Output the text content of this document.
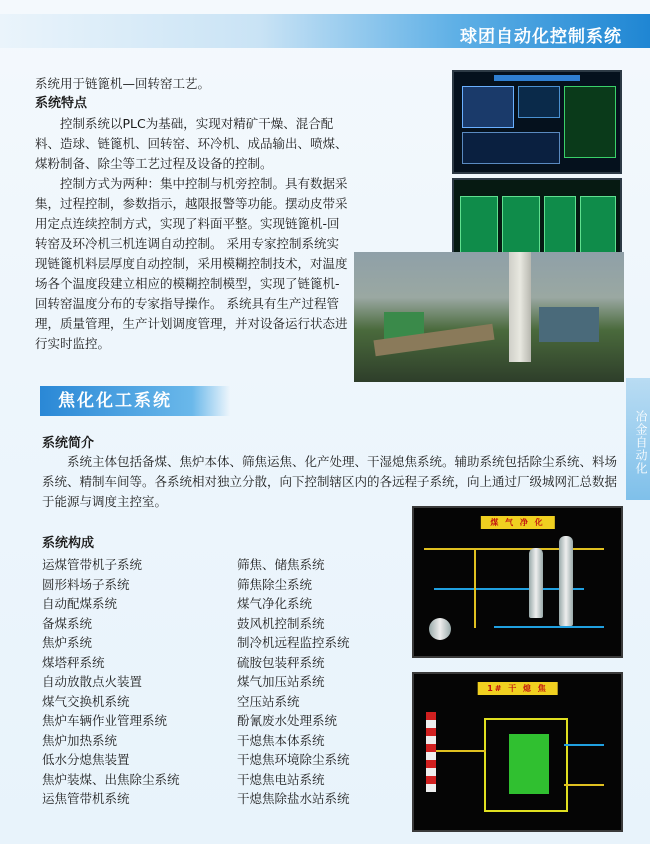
球团自动化控制系统
冶金自动化
系统用于链篦机—回转窑工艺。
系统特点

控制系统以PLC为基础，实现对精矿干燥、混合配料、造球、链篦机、回转窑、环冷机、成品输出、喷煤、煤粉制备、除尘等工艺过程及设备的控制。

控制方式为两种：集中控制与机旁控制。具有数据采集，过程控制，参数指示，越限报警等功能。摆动皮带采用定点连续控制方式，实现了料面平整。实现链篦机-回转窑及环冷机三机连调自动控制。 采用专家控制系统实现链篦机料层厚度自动控制，采用模糊控制技术，对温度场各个温度段建立相应的模糊控制模型，实现了链篦机-回转窑温度分布的专家指导操作。 系统具有生产过程管理，质量管理，生产计划调度管理，并对设备运行状态进行实时监控。

焦化化工系统
系统简介

系统主体包括备煤、焦炉本体、筛焦运焦、化产处理、干湿熄焦系统。辅助系统包括除尘系统、料场系统、精制车间等。各系统相对独立分散，向下控制辖区内的各远程子系统，向上通过厂级城网汇总数据于能源与调度主控室。

系统构成
运煤管带机子系统
圆形料场子系统
自动配煤系统
备煤系统
焦炉系统
煤塔秤系统
自动放散点火装置
煤气交换机系统
焦炉车辆作业管理系统
焦炉加热系统
低水分熄焦装置
焦炉装煤、出焦除尘系统
运焦管带机系统
筛焦、储焦系统
筛焦除尘系统
煤气净化系统
鼓风机控制系统
制冷机远程监控系统
硫胺包装秤系统
煤气加压站系统
空压站系统
酚氰废水处理系统
干熄焦本体系统
干熄焦环境除尘系统
干熄焦电站系统
干熄焦除盐水站系统
煤 气 净 化
1# 干 熄 焦
